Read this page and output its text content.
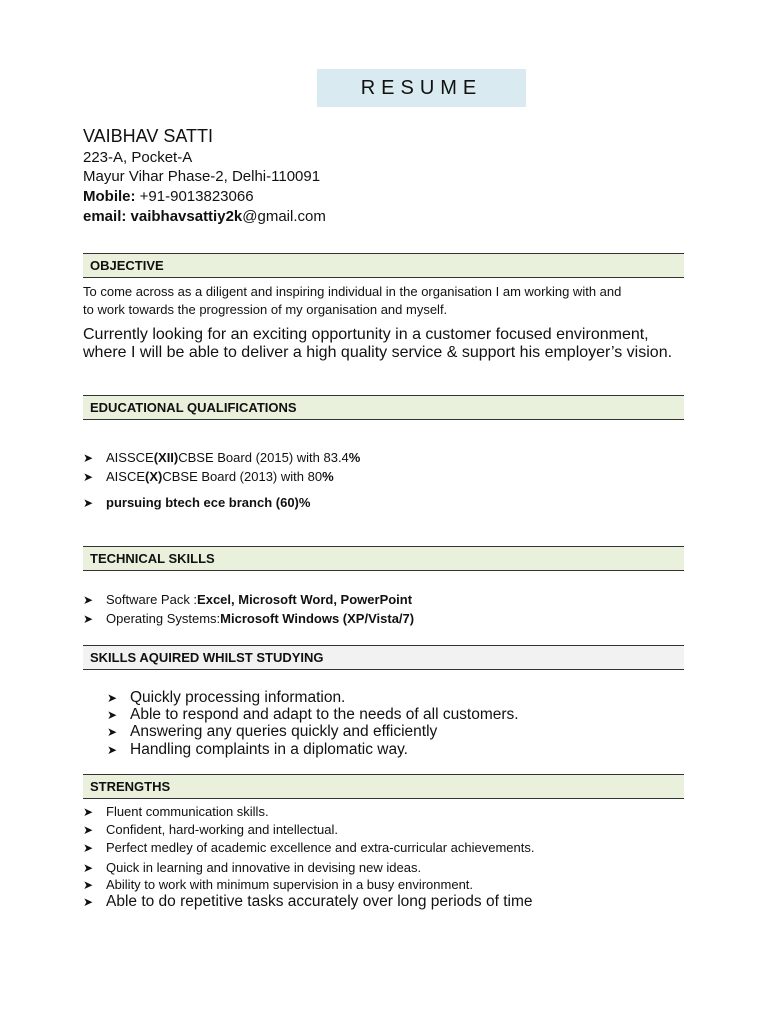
RESUME
VAIBHAV SATTI
223-A, Pocket-A
Mayur Vihar Phase-2, Delhi-110091
Mobile: +91-9013823066
email: vaibhavsattiy2k@gmail.com
OBJECTIVE
To come across as a diligent and inspiring individual in the organisation I am working with and
to work towards the progression of my organisation and myself.
Currently looking for an exciting opportunity in a customer focused environment,
where I will be able to deliver a high quality service & support his employer’s vision.
EDUCATIONAL QUALIFICATIONS
➤ AISSCE (XII) CBSE Board (2015) with 83.4 %
➤ AISCE (X) CBSE Board (2013) with 80 %
➤ pursuing btech ece branch (60)%
TECHNICAL SKILLS
➤ Software Pack : Excel, Microsoft Word, PowerPoint
➤ Operating Systems: Microsoft Windows (XP/Vista/7)
SKILLS AQUIRED WHILST STUDYING
➤ Quickly processing information.
➤ Able to respond and adapt to the needs of all customers.
➤ Answering any queries quickly and efficiently
➤ Handling complaints in a diplomatic way.
STRENGTHS
➤ Fluent communication skills.
➤ Confident, hard-working and intellectual.
➤ Perfect medley of academic excellence and extra-curricular achievements.
➤ Quick in learning and innovative in devising new ideas.
➤ Ability to work with minimum supervision in a busy environment.
➤ Able to do repetitive tasks accurately over long periods of time
